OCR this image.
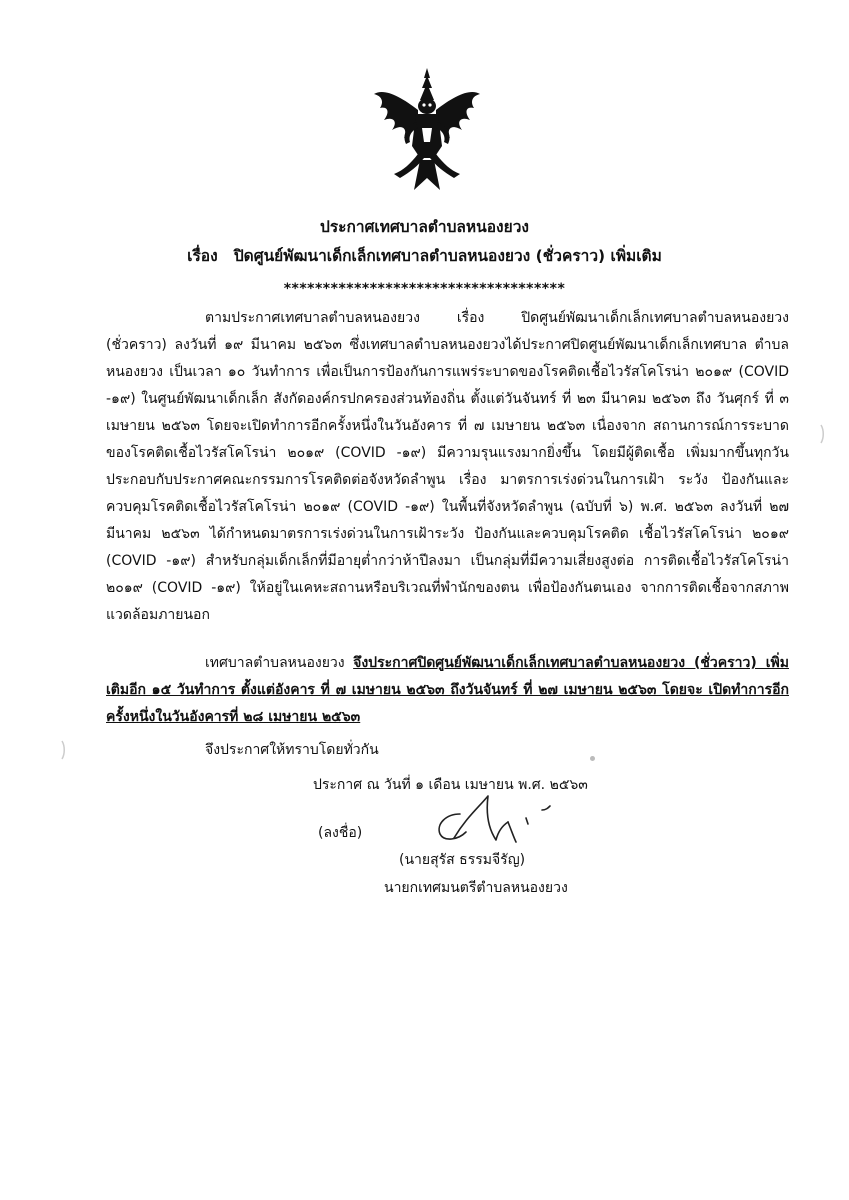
ประกาศเทศบาลตำบลหนองยวง
เรื่อง   ปิดศูนย์พัฒนาเด็กเล็กเทศบาลตำบลหนองยวง (ชั่วคราว) เพิ่มเติม
************************************

ตามประกาศเทศบาลตำบลหนองยวง เรื่อง ปิดศูนย์พัฒนาเด็กเล็กเทศบาลตำบลหนองยวง (ชั่วคราว) ลงวันที่ ๑๙ มีนาคม ๒๕๖๓ ซึ่งเทศบาลตำบลหนองยวงได้ประกาศปิดศูนย์พัฒนาเด็กเล็กเทศบาล ตำบลหนองยวง เป็นเวลา ๑๐ วันทำการ เพื่อเป็นการป้องกันการแพร่ระบาดของโรคติดเชื้อไวรัสโคโรน่า ๒๐๑๙ (COVID -๑๙) ในศูนย์พัฒนาเด็กเล็ก สังกัดองค์กรปกครองส่วนท้องถิ่น ตั้งแต่วันจันทร์ ที่ ๒๓ มีนาคม ๒๕๖๓ ถึง วันศุกร์ ที่ ๓ เมษายน ๒๕๖๓ โดยจะเปิดทำการอีกครั้งหนึ่งในวันอังคาร ที่ ๗ เมษายน ๒๕๖๓ เนื่องจาก สถานการณ์การระบาดของโรคติดเชื้อไวรัสโคโรน่า ๒๐๑๙ (COVID -๑๙) มีความรุนแรงมากยิ่งขึ้น โดยมีผู้ติดเชื้อ เพิ่มมากขึ้นทุกวัน ประกอบกับประกาศคณะกรรมการโรคติดต่อจังหวัดลำพูน เรื่อง มาตรการเร่งด่วนในการเฝ้า ระวัง ป้องกันและควบคุมโรคติดเชื้อไวรัสโคโรน่า ๒๐๑๙ (COVID -๑๙) ในพื้นที่จังหวัดลำพูน (ฉบับที่ ๖) พ.ศ. ๒๕๖๓ ลงวันที่ ๒๗ มีนาคม ๒๕๖๓ ได้กำหนดมาตรการเร่งด่วนในการเฝ้าระวัง ป้องกันและควบคุมโรคติด เชื้อไวรัสโคโรน่า ๒๐๑๙ (COVID -๑๙) สำหรับกลุ่มเด็กเล็กที่มีอายุต่ำกว่าห้าปีลงมา เป็นกลุ่มที่มีความเสี่ยงสูงต่อ การติดเชื้อไวรัสโคโรน่า ๒๐๑๙ (COVID -๑๙) ให้อยู่ในเคหะสถานหรือบริเวณที่พำนักของตน เพื่อป้องกันตนเอง จากการติดเชื้อจากสภาพแวดล้อมภายนอก

เทศบาลตำบลหนองยวง จึงประกาศปิดศูนย์พัฒนาเด็กเล็กเทศบาลตำบลหนองยวง (ชั่วคราว) เพิ่มเติมอีก ๑๕ วันทำการ ตั้งแต่อังคาร ที่ ๗ เมษายน ๒๕๖๓ ถึงวันจันทร์ ที่ ๒๗ เมษายน ๒๕๖๓ โดยจะ เปิดทำการอีกครั้งหนึ่งในวันอังคารที่ ๒๘ เมษายน ๒๕๖๓

จึงประกาศให้ทราบโดยทั่วกัน
ประกาศ ณ วันที่ ๑ เดือน เมษายน พ.ศ. ๒๕๖๓
(ลงชื่อ)
(นายสุรัส ธรรมจีรัญ)
นายกเทศมนตรีตำบลหนองยวง
